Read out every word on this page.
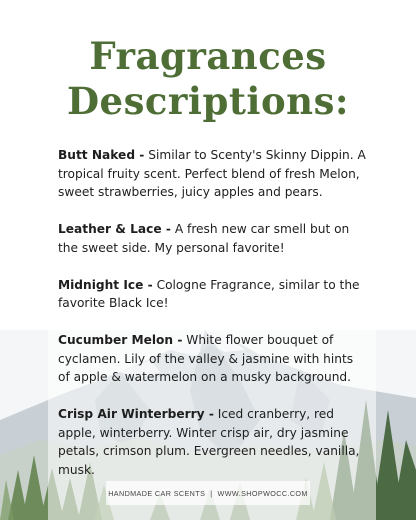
Fragrances
Descriptions:

Butt Naked - Similar to Scenty's Skinny Dippin. A tropical fruity scent. Perfect blend of fresh Melon, sweet strawberries, juicy apples and pears.

Leather & Lace - A fresh new car smell but on the sweet side. My personal favorite!

Midnight Ice - Cologne Fragrance, similar to the favorite Black Ice!

Cucumber Melon - White flower bouquet of cyclamen. Lily of the valley & jasmine with hints of apple & watermelon on a musky background.

Crisp Air Winterberry - Iced cranberry, red apple, winterberry. Winter crisp air, dry jasmine petals, crimson plum. Evergreen needles, vanilla, musk.

HANDMADE CAR SCENTS | WWW.SHOPWOCC.COM
